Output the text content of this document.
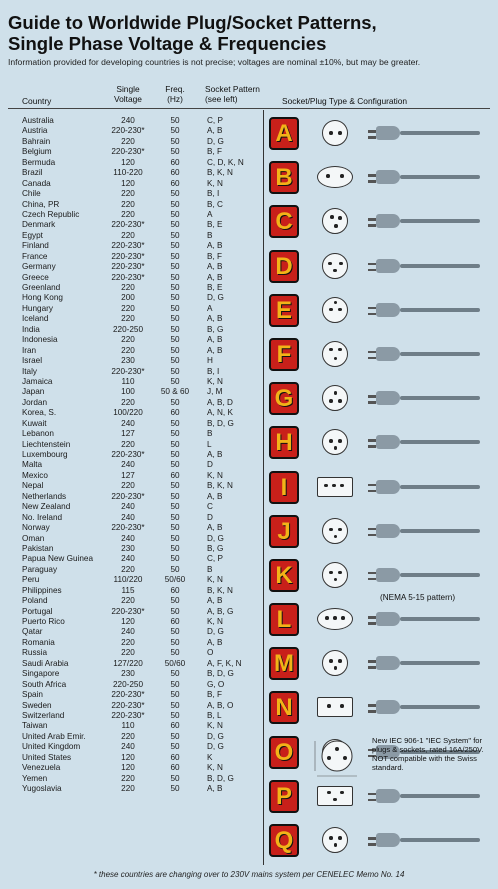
Guide to Worldwide Plug/Socket Patterns,
Single Phase Voltage & Frequencies
Information provided for developing countries is not precise; voltages are nominal ±10%, but may be greater.
Country
Single
Voltage
Freq.
(Hz)
Socket Pattern
(see left)	Socket/Plug Type & Configuration
Australia	240	50	C, P
Austria	220-230*	50	A, B
Bahrain	220	50	D, G
Belgium	220-230*	50	B, F
Bermuda	120	60	C, D, K, N
Brazil	110-220	60	B, K, N
Canada	120	60	K, N
Chile	220	50	B, I
China, PR	220	50	B, C
Czech Republic	220	50	A
Denmark	220-230*	50	B, E
Egypt	220	50	B
Finland	220-230*	50	A, B
France	220-230*	50	B, F
Germany	220-230*	50	A, B
Greece	220-230*	50	A, B
Greenland	220	50	B, E
Hong Kong	200	50	D, G
Hungary	220	50	A
Iceland	220	50	A, B
India	220-250	50	B, G
Indonesia	220	50	A, B
Iran	220	50	A, B
Israel	230	50	H
Italy	220-230*	50	B, I
Jamaica	110	50	K, N
Japan	100	50 & 60	J, M
Jordan	220	50	A, B, D
Korea, S.	100/220	60	A, N, K
Kuwait	240	50	B, D, G
Lebanon	127	50	B
Liechtenstein	220	50	L
Luxembourg	220-230*	50	A, B
Malta	240	50	D
Mexico	127	60	K, N
Nepal	220	50	B, K, N
Netherlands	220-230*	50	A, B
New Zealand	240	50	C
No. Ireland	240	50	D
Norway	220-230*	50	A, B
Oman	240	50	D, G
Pakistan	230	50	B, G
Papua New Guinea	240	50	C, P
Paraguay	220	50	B
Peru	110/220	50/60	K, N
Philippines	115	60	B, K, N
Poland	220	50	A, B
Portugal	220-230*	50	A, B, G
Puerto Rico	120	60	K, N
Qatar	240	50	D, G
Romania	220	50	A, B
Russia	220	50	O
Saudi Arabia	127/220	50/60	A, F, K, N
Singapore	230	50	B, D, G
South Africa	220-250	50	G, O
Spain	220-230*	50	B, F
Sweden	220-230*	50	A, B, O
Switzerland	220-230*	50	B, L
Taiwan	110	60	K, N
United Arab Emir.	220	50	D, G
United Kingdom	240	50	D, G
United States	120	60	K
Venezuela	120	60	K, N
Yemen	220	50	B, D, G
Yugoslavia	220	50	A, B
A
B
C
D
E
F
G
H
I
J
K
L
M
N
O
P
Q
(NEMA 5-15 pattern)
New IEC 906-1 "IEC System" for plugs & sockets, rated 16A/250V. NOT compatible with the Swiss standard.
* these countries are changing over to 230V mains system per CENELEC Memo No. 14
